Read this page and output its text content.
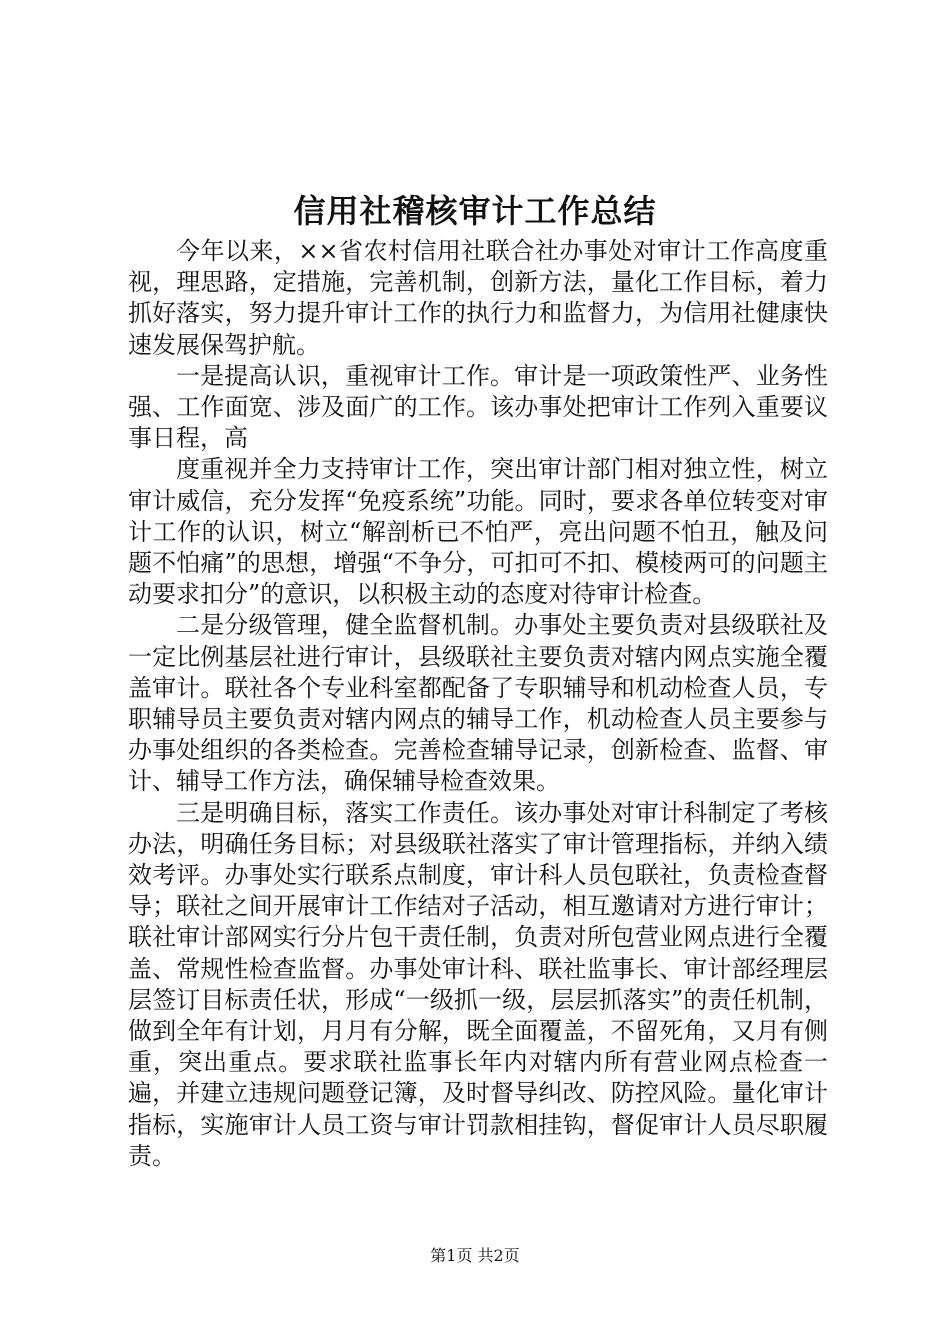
信用社稽核审计工作总结

今年以来，××省农村信用社联合社办事处对审计工作高度重视，理思路，定措施，完善机制，创新方法，量化工作目标，着力抓好落实，努力提升审计工作的执行力和监督力，为信用社健康快速发展保驾护航。

一是提高认识，重视审计工作。审计是一项政策性严、业务性强、工作面宽、涉及面广的工作。该办事处把审计工作列入重要议事日程，高

度重视并全力支持审计工作，突出审计部门相对独立性，树立审计威信，充分发挥“免疫系统”功能。同时，要求各单位转变对审计工作的认识，树立“解剖析已不怕严，亮出问题不怕丑，触及问题不怕痛”的思想，增强“不争分，可扣可不扣、模棱两可的问题主动要求扣分”的意识，以积极主动的态度对待审计检查。

二是分级管理，健全监督机制。办事处主要负责对县级联社及一定比例基层社进行审计，县级联社主要负责对辖内网点实施全覆盖审计。联社各个专业科室都配备了专职辅导和机动检查人员，专职辅导员主要负责对辖内网点的辅导工作，机动检查人员主要参与办事处组织的各类检查。完善检查辅导记录，创新检查、监督、审计、辅导工作方法，确保辅导检查效果。

三是明确目标，落实工作责任。该办事处对审计科制定了考核办法，明确任务目标；对县级联社落实了审计管理指标，并纳入绩效考评。办事处实行联系点制度，审计科人员包联社，负责检查督导；联社之间开展审计工作结对子活动，相互邀请对方进行审计；联社审计部网实行分片包干责任制，负责对所包营业网点进行全覆盖、常规性检查监督。办事处审计科、联社监事长、审计部经理层层签订目标责任状，形成“一级抓一级，层层抓落实”的责任机制，做到全年有计划，月月有分解，既全面覆盖，不留死角，又月有侧重，突出重点。要求联社监事长年内对辖内所有营业网点检查一遍，并建立违规问题登记簿，及时督导纠改、防控风险。量化审计指标，实施审计人员工资与审计罚款相挂钩，督促审计人员尽职履责。

第1页 共2页
